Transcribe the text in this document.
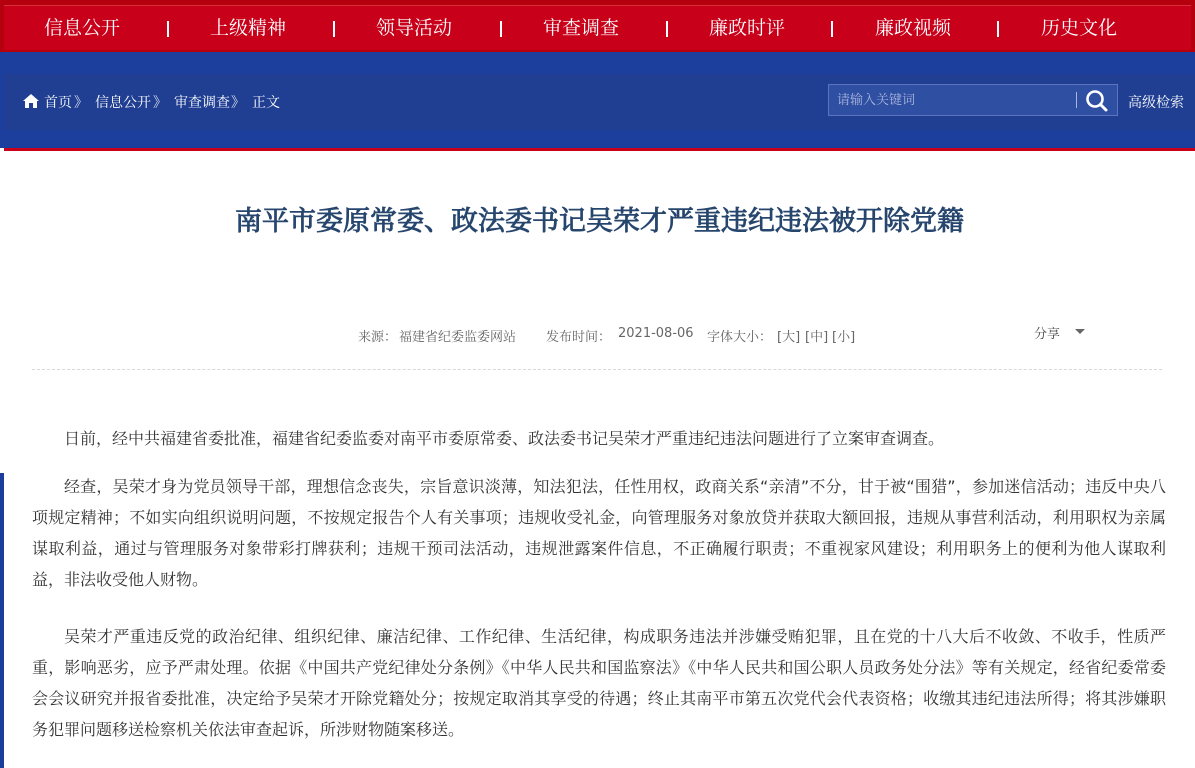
信息公开	上级精神	领导活动	审查调查	廉政时评	廉政视频	历史文化
首页 》 信息公开 》 审查调查 》 正文
请输入关键词	高级检索
南平市委原常委、政法委书记吴荣才严重违纪违法被开除党籍
来源： 福建省纪委监委网站 发布时间： 2021-08-06 字体大小： [大] [中] [小]	分享

日前，经中共福建省委批准，福建省纪委监委对南平市委原常委、政法委书记吴荣才严重违纪违法问题进行了立案审查调查。

经查，吴荣才身为党员领导干部，理想信念丧失，宗旨意识淡薄，知法犯法，任性用权，政商关系“亲清”不分，甘于被“围猎”，参加迷信活动；违反中央八项规定精神；不如实向组织说明问题，不按规定报告个人有关事项；违规收受礼金，向管理服务对象放贷并获取大额回报，违规从事营利活动，利用职权为亲属谋取利益，通过与管理服务对象带彩打牌获利；违规干预司法活动，违规泄露案件信息，不正确履行职责；不重视家风建设；利用职务上的便利为他人谋取利益，非法收受他人财物。

吴荣才严重违反党的政治纪律、组织纪律、廉洁纪律、工作纪律、生活纪律，构成职务违法并涉嫌受贿犯罪，且在党的十八大后不收敛、不收手，性质严重，影响恶劣，应予严肃处理。依据《中国共产党纪律处分条例》《中华人民共和国监察法》《中华人民共和国公职人员政务处分法》等有关规定，经省纪委常委会会议研究并报省委批准，决定给予吴荣才开除党籍处分；按规定取消其享受的待遇；终止其南平市第五次党代会代表资格；收缴其违纪违法所得；将其涉嫌职务犯罪问题移送检察机关依法审查起诉，所涉财物随案移送。
